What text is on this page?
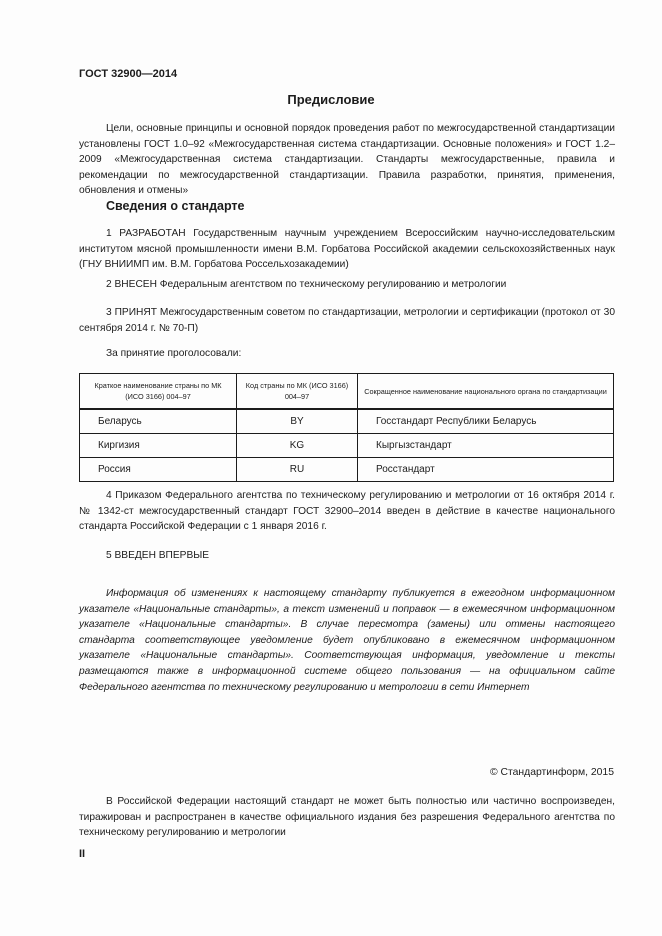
ГОСТ 32900—2014
Предисловие
Цели, основные принципы и основной порядок проведения работ по межгосударственной стандартизации установлены ГОСТ 1.0–92 «Межгосударственная система стандартизации. Основные положения» и ГОСТ 1.2–2009 «Межгосударственная система стандартизации. Стандарты межгосударственные, правила и рекомендации по межгосударственной стандартизации. Правила разработки, принятия, применения, обновления и отмены»
Сведения о стандарте
1 РАЗРАБОТАН Государственным научным учреждением Всероссийским научно-исследовательским институтом мясной промышленности имени В.М. Горбатова Российской академии сельскохозяйственных наук (ГНУ ВНИИМП им. В.М. Горбатова Россельхозакадемии)
2 ВНЕСЕН Федеральным агентством по техническому регулированию и метрологии
3 ПРИНЯТ Межгосударственным советом по стандартизации, метрологии и сертификации (протокол от 30 сентября 2014 г. № 70-П)
За принятие проголосовали:
Краткое наименование страны по МК (ИСО 3166) 004–97	Код страны по МК (ИСО 3166) 004–97	Сокращенное наименование национального органа по стандартизации
Беларусь	BY	Госстандарт Республики Беларусь
Киргизия	KG	Кыргызстандарт
Россия	RU	Росстандарт
4 Приказом Федерального агентства по техническому регулированию и метрологии от 16 октября 2014 г. № 1342-ст межгосударственный стандарт ГОСТ 32900–2014 введен в действие в качестве национального стандарта Российской Федерации с 1 января 2016 г.
5 ВВЕДЕН ВПЕРВЫЕ
Информация об изменениях к настоящему стандарту публикуется в ежегодном информационном указателе «Национальные стандарты», а текст изменений и поправок — в ежемесячном информационном указателе «Национальные стандарты». В случае пересмотра (замены) или отмены настоящего стандарта соответствующее уведомление будет опубликовано в ежемесячном информационном указателе «Национальные стандарты». Соответствующая информация, уведомление и тексты размещаются также в информационной системе общего пользования — на официальном сайте Федерального агентства по техническому регулированию и метрологии в сети Интернет
© Стандартинформ, 2015
В Российской Федерации настоящий стандарт не может быть полностью или частично воспроизведен, тиражирован и распространен в качестве официального издания без разрешения Федерального агентства по техническому регулированию и метрологии
II
